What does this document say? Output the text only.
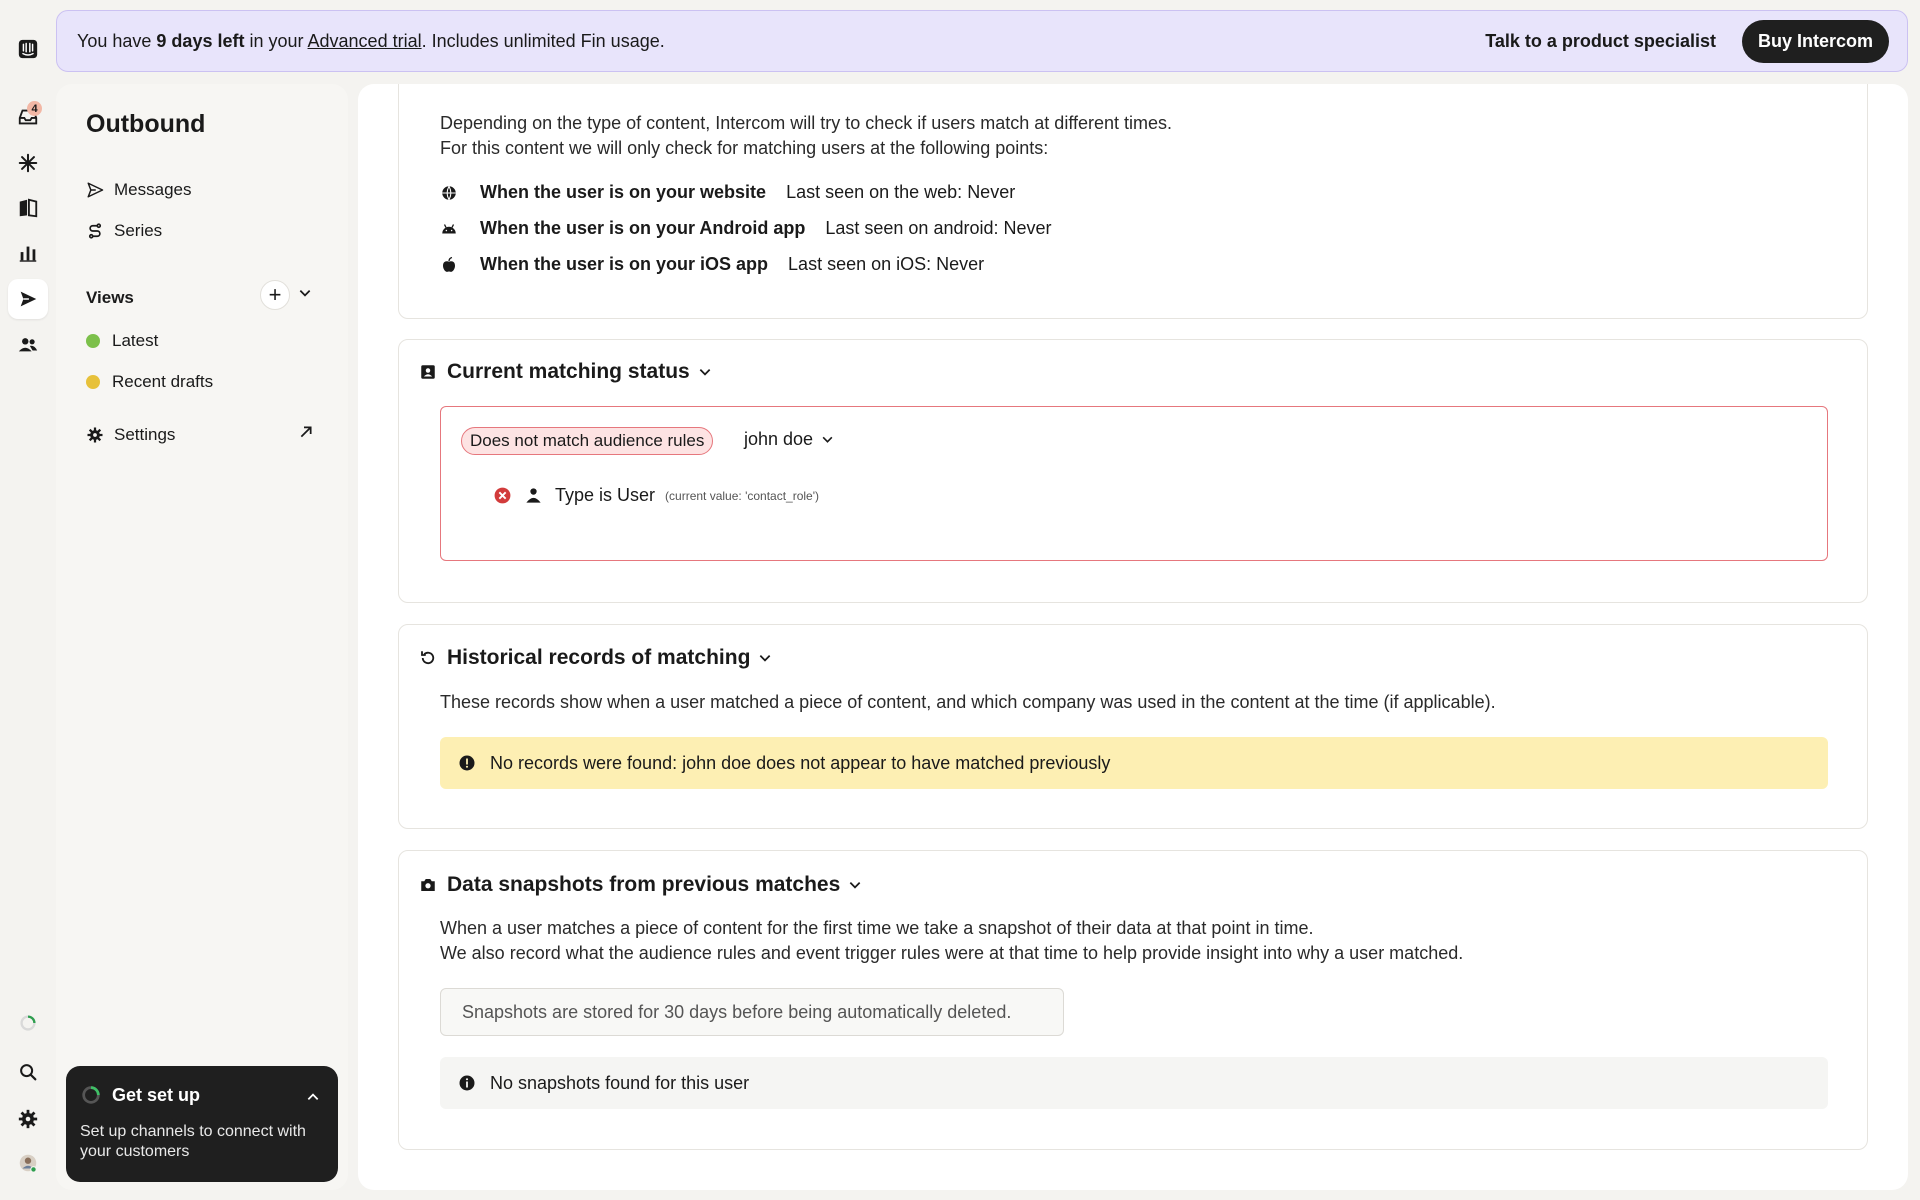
4
You have 9 days left in your Advanced trial. Includes unlimited Fin usage.	Talk to a product specialist	Buy Intercom
Outbound
Messages
Series
Views	+
Latest
Recent drafts
Settings
Get set up
Set up channels to connect with your customers
Depending on the type of content, Intercom will try to check if users match at different times.
For this content we will only check for matching users at the following points:
When the user is on your website Last seen on the web: Never
When the user is on your Android app Last seen on android: Never
When the user is on your iOS app Last seen on iOS: Never
Current matching status
Does not match audience rules	john doe
Type is User (current value: 'contact_role')
Historical records of matching
These records show when a user matched a piece of content, and which company was used in the content at the time (if applicable).
No records were found: john doe does not appear to have matched previously
Data snapshots from previous matches
When a user matches a piece of content for the first time we take a snapshot of their data at that point in time.
We also record what the audience rules and event trigger rules were at that time to help provide insight into why a user matched.
Snapshots are stored for 30 days before being automatically deleted.
No snapshots found for this user
